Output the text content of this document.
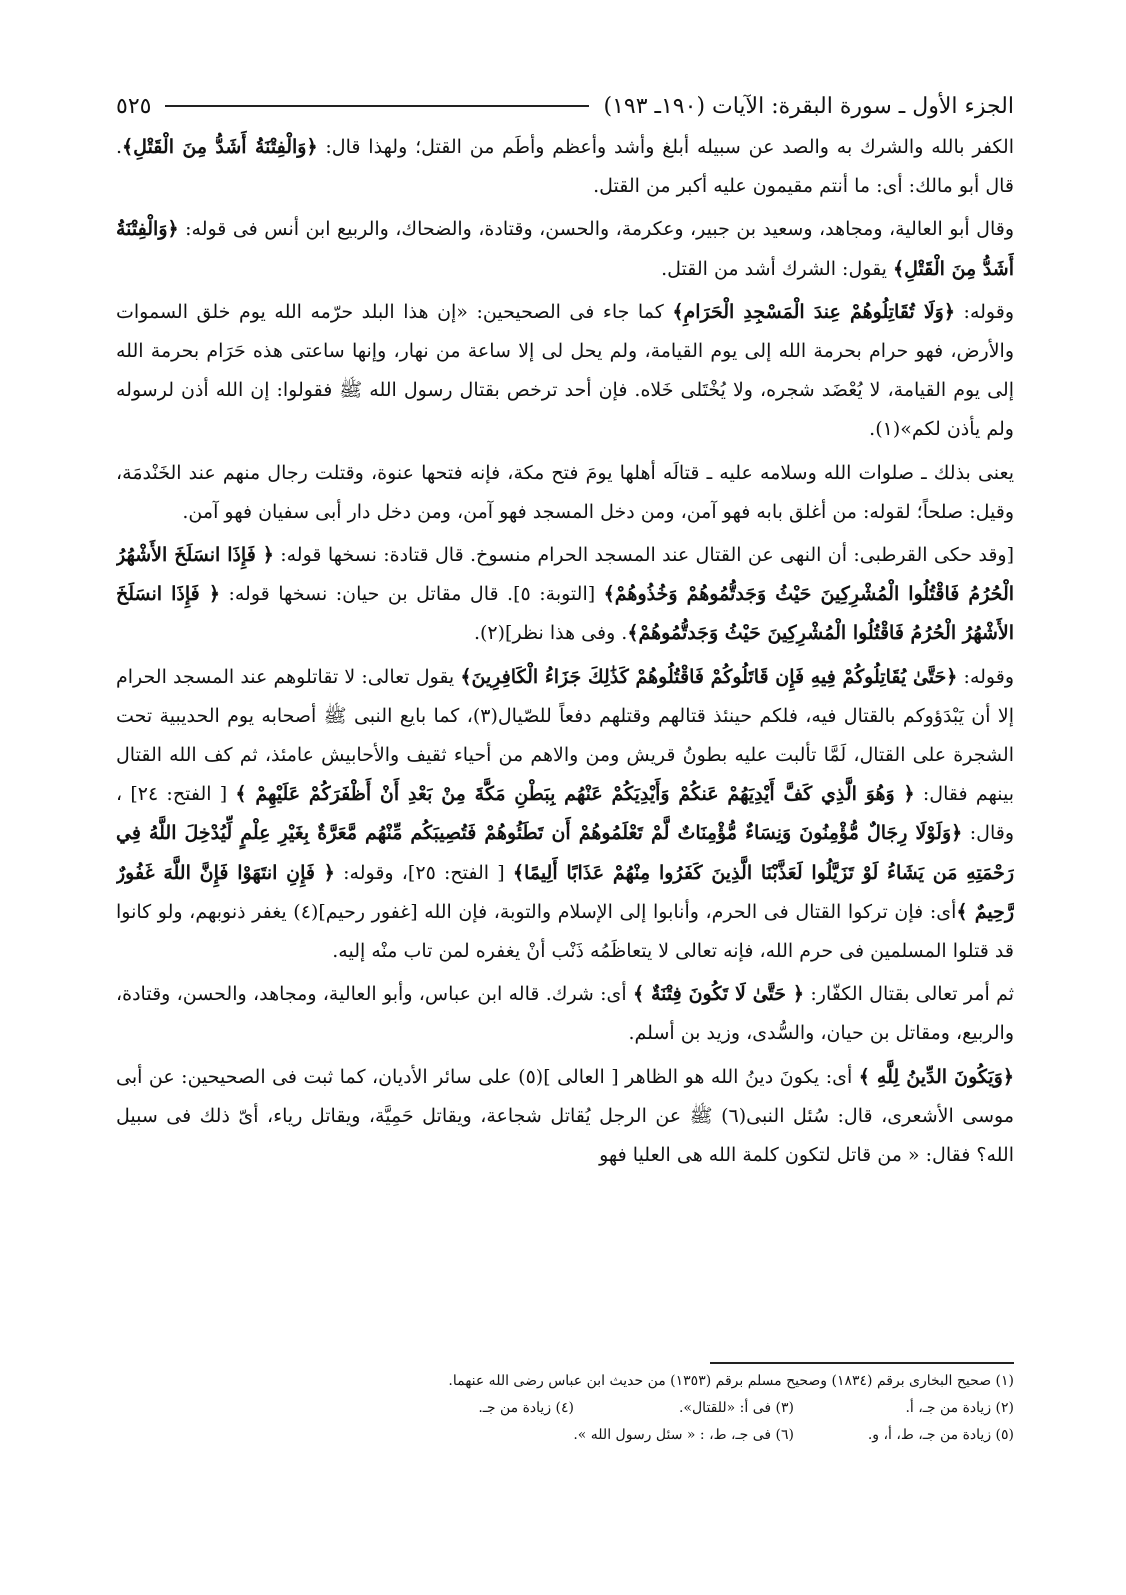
الجزء الأول ـ سورة البقرة: الآيات (١٩٠ـ ١٩٣)
٥٢٥

الكفر بالله والشرك به والصد عن سبيله أبلغ وأشد وأعظم وأطَم من القتل؛ ولهذا قال: ﴿وَالْفِتْنَةُ أَشَدُّ مِنَ الْقَتْلِ﴾. قال أبو مالك: أى: ما أنتم مقيمون عليه أكبر من القتل.

وقال أبو العالية، ومجاهد، وسعيد بن جبير، وعكرمة، والحسن، وقتادة، والضحاك، والربيع ابن أنس فى قوله: ﴿وَالْفِتْنَةُ أَشَدُّ مِنَ الْقَتْلِ﴾ يقول: الشرك أشد من القتل.

وقوله: ﴿وَلَا تُقَاتِلُوهُمْ عِندَ الْمَسْجِدِ الْحَرَامِ﴾ كما جاء فى الصحيحين: «إن هذا البلد حرّمه الله يوم خلق السموات والأرض، فهو حرام بحرمة الله إلى يوم القيامة، ولم يحل لى إلا ساعة من نهار، وإنها ساعتى هذه حَرَام بحرمة الله إلى يوم القيامة، لا يُعْضَد شجره، ولا يُخْتَلى خَلاه. فإن أحد ترخص بقتال رسول الله ﷺ فقولوا: إن الله أذن لرسوله ولم يأذن لكم»(١).

يعنى بذلك ـ صلوات الله وسلامه عليه ـ قتالَه أهلها يومَ فتح مكة، فإنه فتحها عنوة، وقتلت رجال منهم عند الخَنْدمَة، وقيل: صلحاً؛ لقوله: من أغلق بابه فهو آمن، ومن دخل المسجد فهو آمن، ومن دخل دار أبى سفيان فهو آمن.

[وقد حكى القرطبى: أن النهى عن القتال عند المسجد الحرام منسوخ. قال قتادة: نسخها قوله: ﴿ فَإِذَا انسَلَخَ الأَشْهُرُ الْحُرُمُ فَاقْتُلُوا الْمُشْرِكِينَ حَيْثُ وَجَدتُّمُوهُمْ وَخُذُوهُمْ﴾ [التوبة: ٥]. قال مقاتل بن حيان: نسخها قوله: ﴿ فَإِذَا انسَلَخَ الأَشْهُرُ الْحُرُمُ فَاقْتُلُوا الْمُشْرِكِينَ حَيْثُ وَجَدتُّمُوهُمْ﴾. وفى هذا نظر](٢).

وقوله: ﴿حَتَّىٰ يُقَاتِلُوكُمْ فِيهِ فَإِن قَاتَلُوكُمْ فَاقْتُلُوهُمْ كَذَٰلِكَ جَزَاءُ الْكَافِرِينَ﴾ يقول تعالى: لا تقاتلوهم عند المسجد الحرام إلا أن يَبْدَؤوكم بالقتال فيه، فلكم حينئذ قتالهم وقتلهم دفعاً للصّيال(٣)، كما بايع النبى ﷺ أصحابه يوم الحديبية تحت الشجرة على القتال، لَمَّا تألبت عليه بطونُ قريش ومن والاهم من أحياء ثقيف والأحابيش عامئذ، ثم كف الله القتال بينهم فقال: ﴿ وَهُوَ الَّذِي كَفَّ أَيْدِيَهُمْ عَنكُمْ وَأَيْدِيَكُمْ عَنْهُم بِبَطْنِ مَكَّةَ مِنْ بَعْدِ أَنْ أَظْفَرَكُمْ عَلَيْهِمْ ﴾ [ الفتح: ٢٤] ، وقال: ﴿وَلَوْلَا رِجَالٌ مُّؤْمِنُونَ وَنِسَاءٌ مُّؤْمِنَاتٌ لَّمْ تَعْلَمُوهُمْ أَن تَطَئُوهُمْ فَتُصِيبَكُم مِّنْهُم مَّعَرَّةٌ بِغَيْرِ عِلْمٍ لِّيُدْخِلَ اللَّهُ فِي رَحْمَتِهِ مَن يَشَاءُ لَوْ تَزَيَّلُوا لَعَذَّبْنَا الَّذِينَ كَفَرُوا مِنْهُمْ عَذَابًا أَلِيمًا﴾ [ الفتح: ٢٥]، وقوله: ﴿ فَإِنِ انتَهَوْا فَإِنَّ اللَّهَ غَفُورٌ رَّحِيمٌ ﴾أى: فإن تركوا القتال فى الحرم، وأنابوا إلى الإسلام والتوبة، فإن الله [غفور رحيم](٤) يغفر ذنوبهم، ولو كانوا قد قتلوا المسلمين فى حرم الله، فإنه تعالى لا يتعاظَمُه ذَنْب أنْ يغفره لمن تاب منْه إليه.

ثم أمر تعالى بقتال الكفّار: ﴿ حَتَّىٰ لَا تَكُونَ فِتْنَةٌ ﴾ أى: شرك. قاله ابن عباس، وأبو العالية، ومجاهد، والحسن، وقتادة، والربيع، ومقاتل بن حيان، والسُّدى، وزيد بن أسلم.

﴿وَيَكُونَ الدِّينُ لِلَّهِ ﴾ أى: يكونَ دينُ الله هو الظاهر [ العالى ](٥) على سائر الأديان، كما ثبت فى الصحيحين: عن أبى موسى الأشعرى، قال: سُئل النبى(٦) ﷺ عن الرجل يُقاتل شجاعة، ويقاتل حَمِيَّة، ويقاتل رياء، أىّ ذلك فى سبيل الله؟ فقال: « من قاتل لتكون كلمة الله هى العليا فهو

(١) صحيح البخارى برقم (١٨٣٤) وصحيح مسلم برقم (١٣٥٣) من حديث ابن عباس رضى الله عنهما.
(٢) زيادة من جـ، أ.
(٣) فى أ: «للقتال».
(٤) زيادة من جـ.
(٥) زيادة من جـ، ط، أ، و.
(٦) فى جـ، ط، : « سئل رسول الله ».
